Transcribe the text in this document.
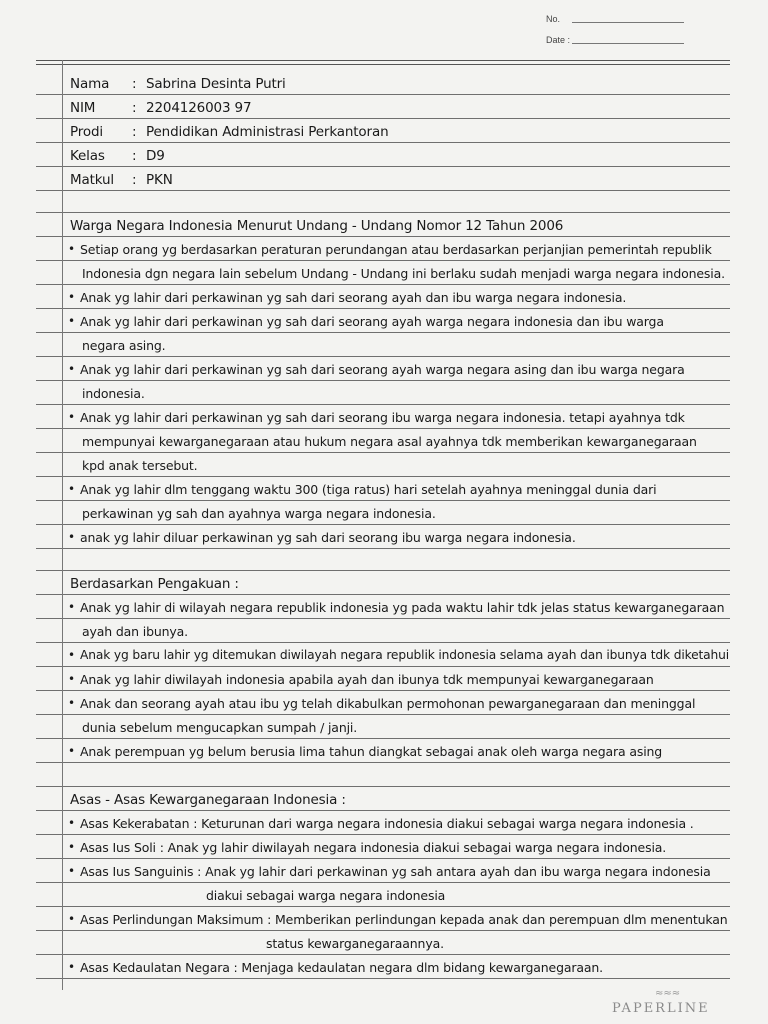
No.
Date :
Nama : Sabrina Desinta Putri
NIM	: 2204126003 97
Prodi : Pendidikan Administrasi Perkantoran
Kelas : D9
Matkul : PKN
Warga Negara Indonesia Menurut Undang - Undang Nomor 12 Tahun 2006
• Setiap orang yg berdasarkan peraturan perundangan atau berdasarkan perjanjian pemerintah republik
Indonesia dgn negara lain sebelum Undang - Undang ini berlaku sudah menjadi warga negara indonesia.
• Anak yg lahir dari perkawinan yg sah dari seorang ayah dan ibu warga negara indonesia.
• Anak yg lahir dari perkawinan yg sah dari seorang ayah warga negara indonesia dan ibu warga
negara asing.
• Anak yg lahir dari perkawinan yg sah dari seorang ayah warga negara asing dan ibu warga negara
indonesia.
• Anak yg lahir dari perkawinan yg sah dari seorang ibu warga negara indonesia. tetapi ayahnya tdk
mempunyai kewarganegaraan atau hukum negara asal ayahnya tdk memberikan kewarganegaraan
kpd anak tersebut.
• Anak yg lahir dlm tenggang waktu 300 (tiga ratus) hari setelah ayahnya meninggal dunia dari
perkawinan yg sah dan ayahnya warga negara indonesia.
• anak yg lahir diluar perkawinan yg sah dari seorang ibu warga negara indonesia.
Berdasarkan Pengakuan :
• Anak yg lahir di wilayah negara republik indonesia yg pada waktu lahir tdk jelas status kewarganegaraan
ayah dan ibunya.
• Anak yg baru lahir yg ditemukan diwilayah negara republik indonesia selama ayah dan ibunya tdk diketahui
• Anak yg lahir diwilayah indonesia apabila ayah dan ibunya tdk mempunyai kewarganegaraan
• Anak dan seorang ayah atau ibu yg telah dikabulkan permohonan pewarganegaraan dan meninggal
dunia sebelum mengucapkan sumpah / janji.
• Anak perempuan yg belum berusia lima tahun diangkat sebagai anak oleh warga negara asing
Asas - Asas Kewarganegaraan Indonesia :
• Asas Kekerabatan : Keturunan dari warga negara indonesia diakui sebagai warga negara indonesia .
• Asas Ius Soli : Anak yg lahir diwilayah negara indonesia diakui sebagai warga negara indonesia.
• Asas Ius Sanguinis : Anak yg lahir dari perkawinan yg sah antara ayah dan ibu warga negara indonesia
diakui sebagai warga negara indonesia
• Asas Perlindungan Maksimum : Memberikan perlindungan kepada anak dan perempuan dlm menentukan
status kewarganegaraannya.
• Asas Kedaulatan Negara : Menjaga kedaulatan negara dlm bidang kewarganegaraan.
≈≈≈
PAPERLINE
